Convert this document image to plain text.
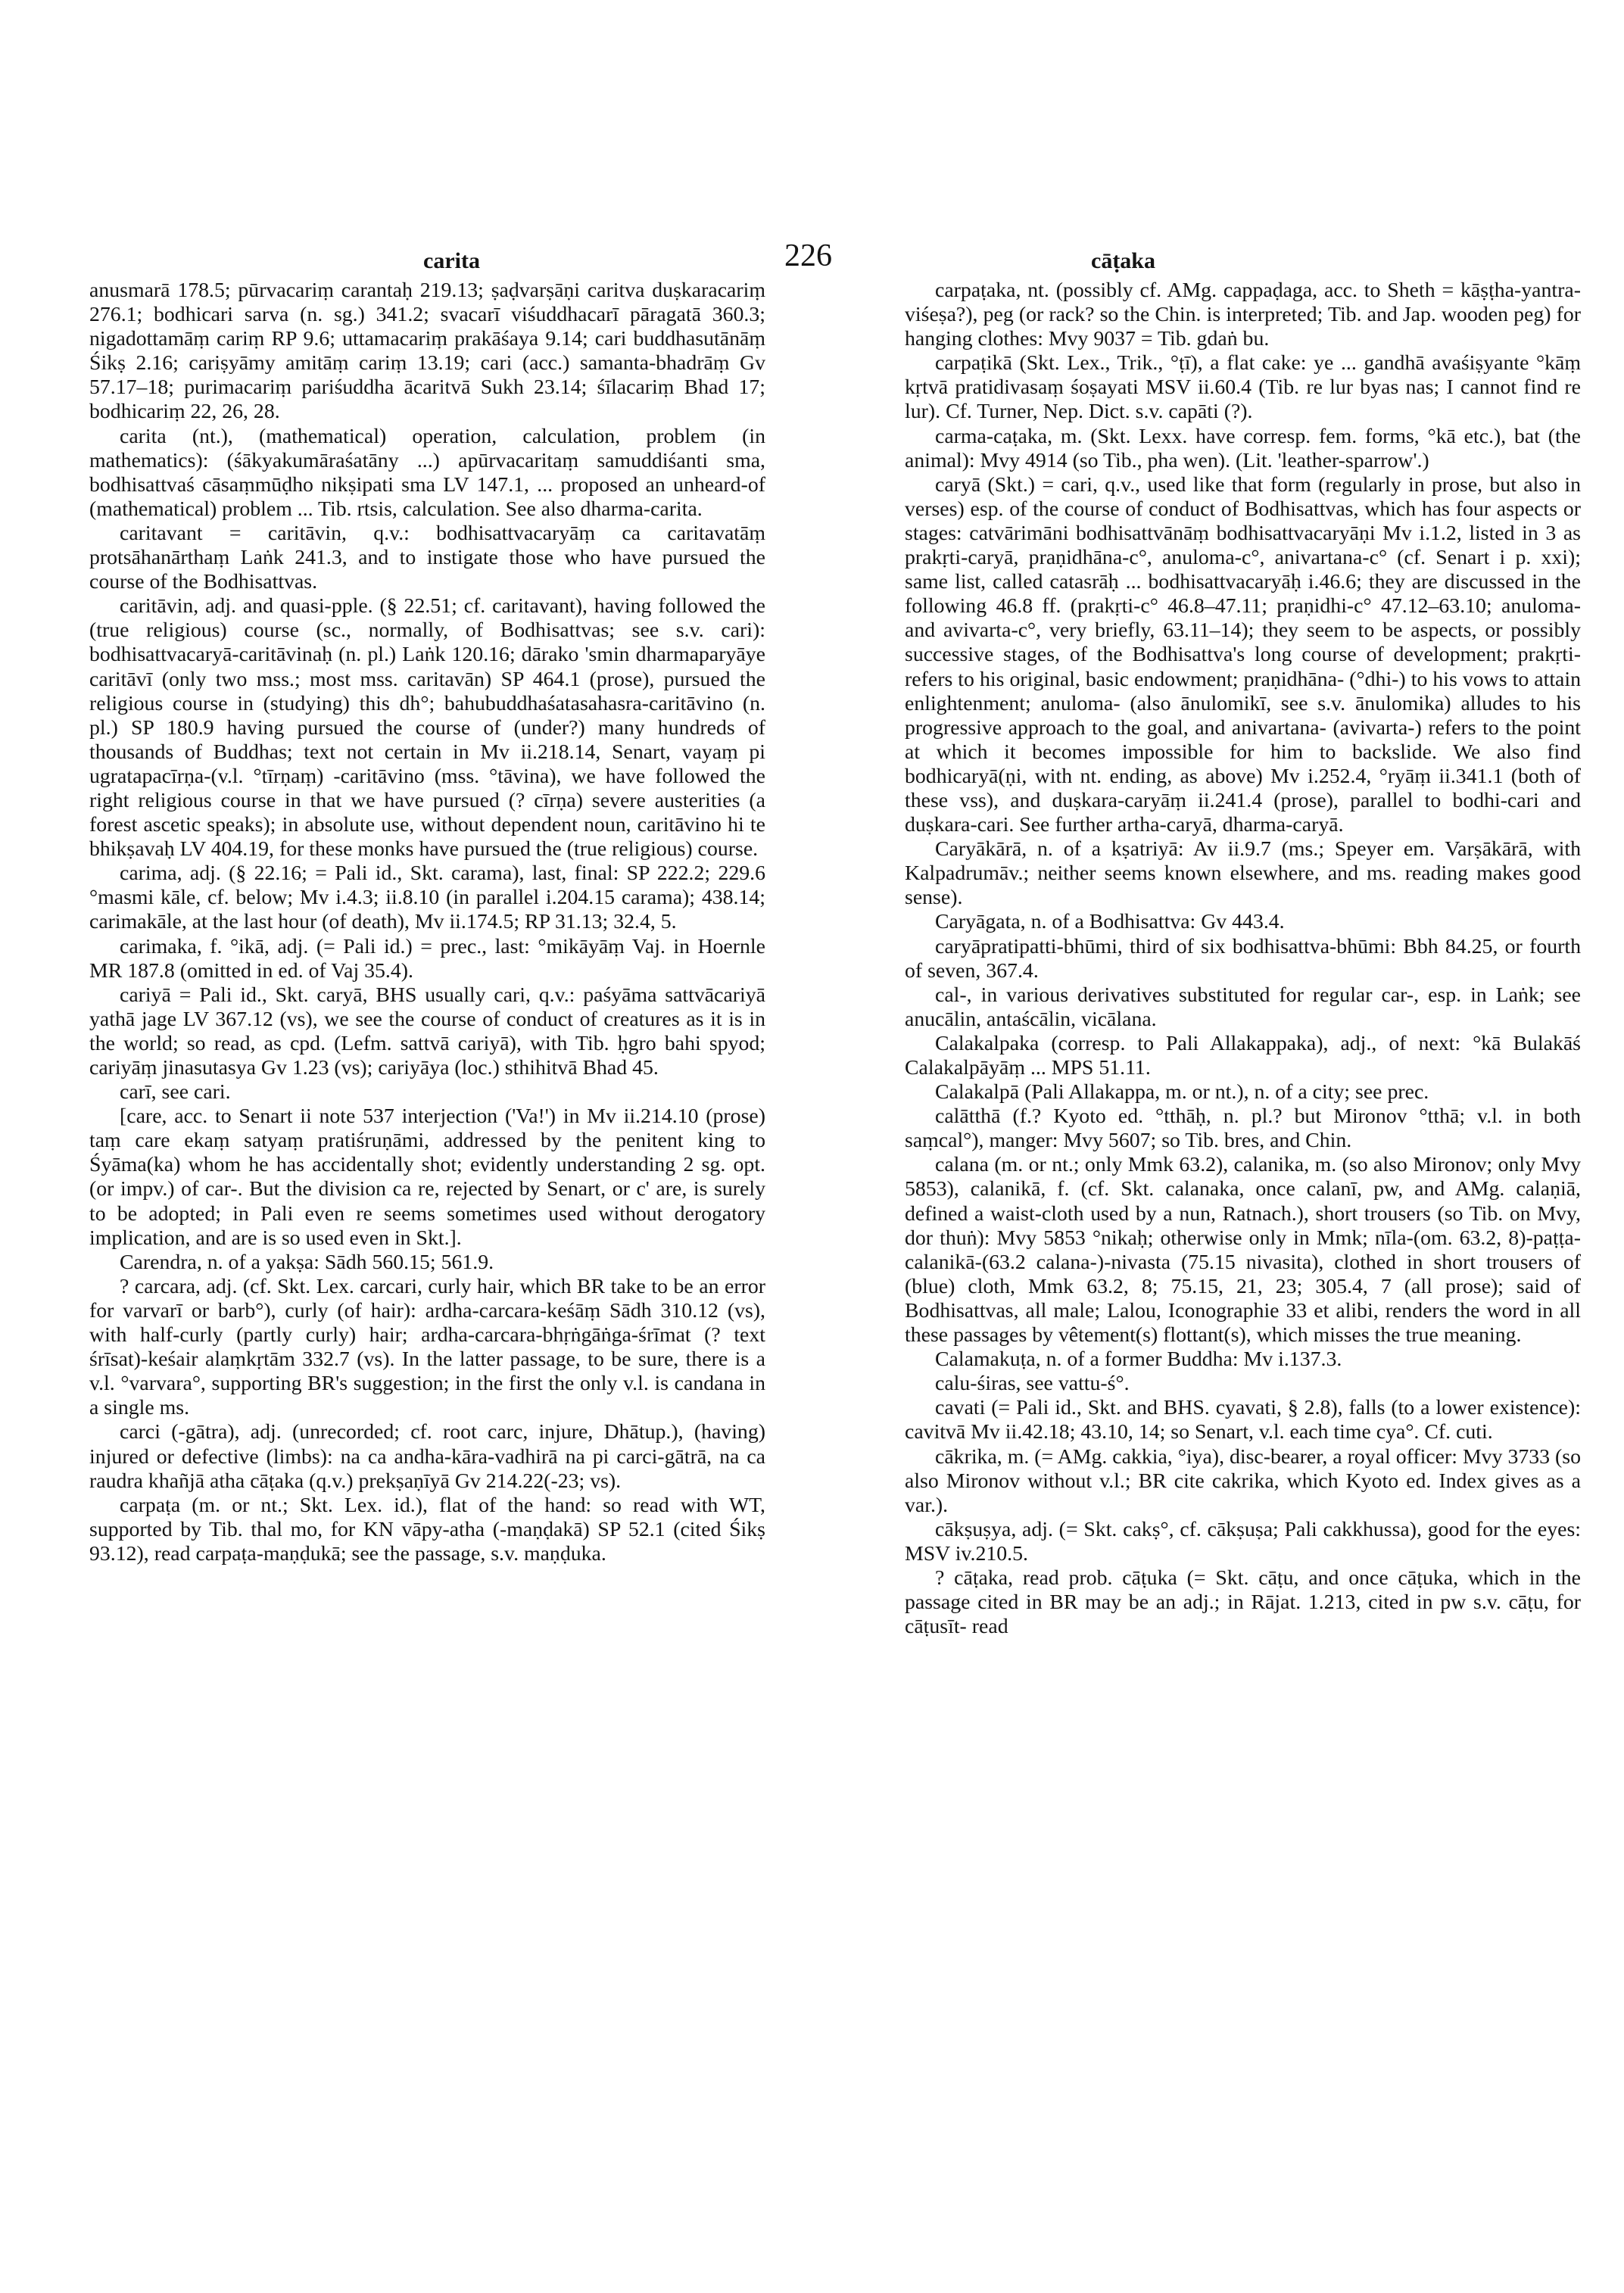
carita	226	cāṭaka

anusmarā 178.5; pūrvacariṃ carantaḥ 219.13; ṣaḍvarṣāṇi caritva duṣkaracariṃ 276.1; bodhicari sarva (n. sg.) 341.2; svacarī viśuddhacarī pāragatā 360.3; nigadottamāṃ cariṃ RP 9.6; uttamacariṃ prakāśaya 9.14; cari buddhasutānāṃ Śikṣ 2.16; cariṣyāmy amitāṃ cariṃ 13.19; cari (acc.) samanta-bhadrāṃ Gv 57.17–18; purimacariṃ pariśuddha ācaritvā Sukh 23.14; śīlacariṃ Bhad 17; bodhicariṃ 22, 26, 28.

carita (nt.), (mathematical) operation, calculation, problem (in mathematics): (śākyakumāraśatāny ...) apūrvacaritaṃ samuddiśanti sma, bodhisattvaś cāsaṃmūḍho nikṣipati sma LV 147.1, ... proposed an unheard-of (mathematical) problem ... Tib. rtsis, calculation. See also dharma-carita.

caritavant = caritāvin, q.v.: bodhisattvacaryāṃ ca caritavatāṃ protsāhanārthaṃ Laṅk 241.3, and to instigate those who have pursued the course of the Bodhisattvas.

caritāvin, adj. and quasi-pple. (§ 22.51; cf. caritavant), having followed the (true religious) course (sc., normally, of Bodhisattvas; see s.v. cari): bodhisattvacaryā-caritāvinaḥ (n. pl.) Laṅk 120.16; dārako 'smin dharmaparyāye caritāvī (only two mss.; most mss. caritavān) SP 464.1 (prose), pursued the religious course in (studying) this dh°; bahubuddhaśatasahasra-caritāvino (n. pl.) SP 180.9 having pursued the course of (under?) many hundreds of thousands of Buddhas; text not certain in Mv ii.218.14, Senart, vayaṃ pi ugratapacīrṇa-(v.l. °tīrṇaṃ) -caritāvino (mss. °tāvina), we have followed the right religious course in that we have pursued (? cīrṇa) severe austerities (a forest ascetic speaks); in absolute use, without dependent noun, caritāvino hi te bhikṣavaḥ LV 404.19, for these monks have pursued the (true religious) course.

carima, adj. (§ 22.16; = Pali id., Skt. carama), last, final: SP 222.2; 229.6 °masmi kāle, cf. below; Mv i.4.3; ii.8.10 (in parallel i.204.15 carama); 438.14; carimakāle, at the last hour (of death), Mv ii.174.5; RP 31.13; 32.4, 5.

carimaka, f. °ikā, adj. (= Pali id.) = prec., last: °mikāyāṃ Vaj. in Hoernle MR 187.8 (omitted in ed. of Vaj 35.4).

cariyā = Pali id., Skt. caryā, BHS usually cari, q.v.: paśyāma sattvācariyā yathā jage LV 367.12 (vs), we see the course of conduct of creatures as it is in the world; so read, as cpd. (Lefm. sattvā cariyā), with Tib. ḥgro bahi spyod; cariyāṃ jinasutasya Gv 1.23 (vs); cariyāya (loc.) sthihitvā Bhad 45.

carī, see cari.

[care, acc. to Senart ii note 537 interjection ('Va!') in Mv ii.214.10 (prose) taṃ care ekaṃ satyaṃ pratiśruṇāmi, addressed by the penitent king to Śyāma(ka) whom he has accidentally shot; evidently understanding 2 sg. opt. (or impv.) of car-. But the division ca re, rejected by Senart, or c' are, is surely to be adopted; in Pali even re seems sometimes used without derogatory implication, and are is so used even in Skt.].

Carendra, n. of a yakṣa: Sādh 560.15; 561.9.

? carcara, adj. (cf. Skt. Lex. carcari, curly hair, which BR take to be an error for varvarī or barb°), curly (of hair): ardha-carcara-keśāṃ Sādh 310.12 (vs), with half-curly (partly curly) hair; ardha-carcara-bhṛṅgāṅga-śrīmat (? text śrīsat)-keśair alaṃkṛtām 332.7 (vs). In the latter passage, to be sure, there is a v.l. °varvara°, supporting BR's suggestion; in the first the only v.l. is candana in a single ms.

carci (-gātra), adj. (unrecorded; cf. root carc, injure, Dhātup.), (having) injured or defective (limbs): na ca andha-kāra-vadhirā na pi carci-gātrā, na ca raudra khañjā atha cāṭaka (q.v.) prekṣaṇīyā Gv 214.22(-23; vs).

carpaṭa (m. or nt.; Skt. Lex. id.), flat of the hand: so read with WT, supported by Tib. thal mo, for KN vāpy-atha (-maṇḍakā) SP 52.1 (cited Śikṣ 93.12), read carpaṭa-maṇḍukā; see the passage, s.v. maṇḍuka.

carpaṭaka, nt. (possibly cf. AMg. cappaḍaga, acc. to Sheth = kāṣṭha-yantra-viśeṣa?), peg (or rack? so the Chin. is interpreted; Tib. and Jap. wooden peg) for hanging clothes: Mvy 9037 = Tib. gdaṅ bu.

carpaṭikā (Skt. Lex., Trik., °ṭī), a flat cake: ye ... gandhā avaśiṣyante °kāṃ kṛtvā pratidivasaṃ śoṣayati MSV ii.60.4 (Tib. re lur byas nas; I cannot find re lur). Cf. Turner, Nep. Dict. s.v. capāti (?).

carma-caṭaka, m. (Skt. Lexx. have corresp. fem. forms, °kā etc.), bat (the animal): Mvy 4914 (so Tib., pha wen). (Lit. 'leather-sparrow'.)

caryā (Skt.) = cari, q.v., used like that form (regularly in prose, but also in verses) esp. of the course of conduct of Bodhisattvas, which has four aspects or stages: catvārimāni bodhisattvānāṃ bodhisattvacaryāṇi Mv i.1.2, listed in 3 as prakṛti-caryā, praṇidhāna-c°, anuloma-c°, anivartana-c° (cf. Senart i p. xxi); same list, called catasrāḥ ... bodhisattvacaryāḥ i.46.6; they are discussed in the following 46.8 ff. (prakṛti-c° 46.8–47.11; praṇidhi-c° 47.12–63.10; anuloma- and avivarta-c°, very briefly, 63.11–14); they seem to be aspects, or possibly successive stages, of the Bodhisattva's long course of development; prakṛti- refers to his original, basic endowment; praṇidhāna- (°dhi-) to his vows to attain enlightenment; anuloma- (also ānulomikī, see s.v. ānulomika) alludes to his progressive approach to the goal, and anivartana- (avivarta-) refers to the point at which it becomes impossible for him to backslide. We also find bodhicaryā(ṇi, with nt. ending, as above) Mv i.252.4, °ryāṃ ii.341.1 (both of these vss), and duṣkara-caryāṃ ii.241.4 (prose), parallel to bodhi-cari and duṣkara-cari. See further artha-caryā, dharma-caryā.

Caryākārā, n. of a kṣatriyā: Av ii.9.7 (ms.; Speyer em. Varṣākārā, with Kalpadrumāv.; neither seems known elsewhere, and ms. reading makes good sense).

Caryāgata, n. of a Bodhisattva: Gv 443.4.

caryāpratipatti-bhūmi, third of six bodhisattva-bhūmi: Bbh 84.25, or fourth of seven, 367.4.

cal-, in various derivatives substituted for regular car-, esp. in Laṅk; see anucālin, antaścālin, vicālana.

Calakalpaka (corresp. to Pali Allakappaka), adj., of next: °kā Bulakāś Calakalpāyāṃ ... MPS 51.11.

Calakalpā (Pali Allakappa, m. or nt.), n. of a city; see prec.

calātthā (f.? Kyoto ed. °tthāḥ, n. pl.? but Mironov °tthā; v.l. in both saṃcal°), manger: Mvy 5607; so Tib. bres, and Chin.

calana (m. or nt.; only Mmk 63.2), calanika, m. (so also Mironov; only Mvy 5853), calanikā, f. (cf. Skt. calanaka, once calanī, pw, and AMg. calaṇiā, defined a waist-cloth used by a nun, Ratnach.), short trousers (so Tib. on Mvy, dor thuṅ): Mvy 5853 °nikaḥ; otherwise only in Mmk; nīla-(om. 63.2, 8)-paṭṭa-calanikā-(63.2 calana-)-nivasta (75.15 nivasita), clothed in short trousers of (blue) cloth, Mmk 63.2, 8; 75.15, 21, 23; 305.4, 7 (all prose); said of Bodhisattvas, all male; Lalou, Iconographie 33 et alibi, renders the word in all these passages by vêtement(s) flottant(s), which misses the true meaning.

Calamakuṭa, n. of a former Buddha: Mv i.137.3.

calu-śiras, see vattu-ś°.

cavati (= Pali id., Skt. and BHS. cyavati, § 2.8), falls (to a lower existence): cavitvā Mv ii.42.18; 43.10, 14; so Senart, v.l. each time cya°. Cf. cuti.

cākrika, m. (= AMg. cakkia, °iya), disc-bearer, a royal officer: Mvy 3733 (so also Mironov without v.l.; BR cite cakrika, which Kyoto ed. Index gives as a var.).

cākṣuṣya, adj. (= Skt. cakṣ°, cf. cākṣuṣa; Pali cakkhussa), good for the eyes: MSV iv.210.5.

? cāṭaka, read prob. cāṭuka (= Skt. cāṭu, and once cāṭuka, which in the passage cited in BR may be an adj.; in Rājat. 1.213, cited in pw s.v. cāṭu, for cāṭusīt- read
